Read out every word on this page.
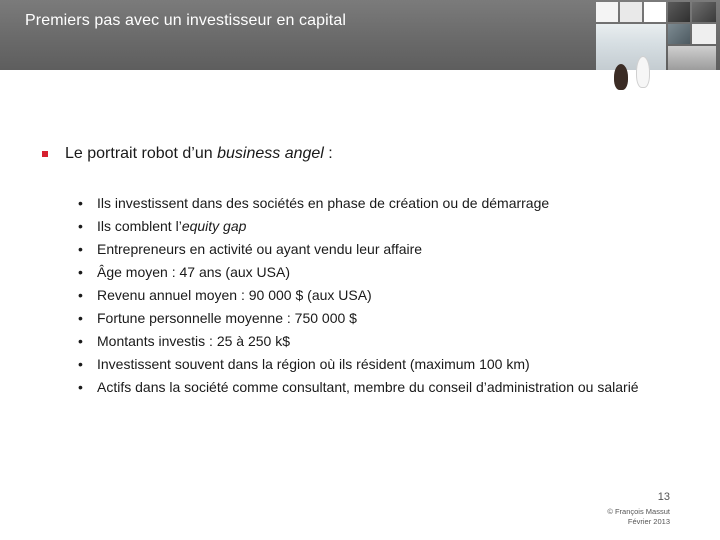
Premiers pas avec un investisseur en capital
Le portrait robot d’un business angel :
• Ils investissent dans des sociétés en phase de création ou de démarrage
• Ils comblent l’equity gap
• Entrepreneurs en activité ou ayant vendu leur affaire
• Âge moyen : 47 ans (aux USA)
• Revenu annuel moyen : 90 000 $ (aux USA)
• Fortune personnelle moyenne : 750 000 $
• Montants investis : 25 à 250 k$
• Investissent souvent dans la région où ils résident (maximum 100 km)
• Actifs dans la société comme consultant, membre du conseil d’administration ou salarié
13
© François Massut
Février 2013
